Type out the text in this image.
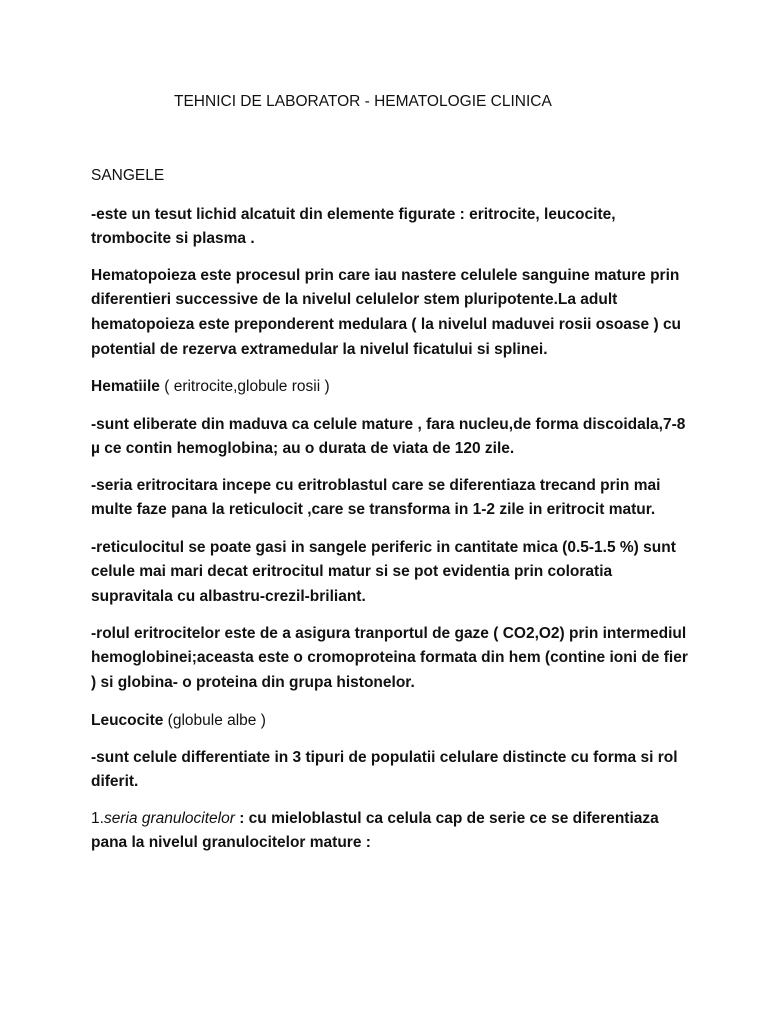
TEHNICI DE LABORATOR - HEMATOLOGIE CLINICA

SANGELE

-este un tesut lichid alcatuit din elemente figurate : eritrocite, leucocite,

trombocite si plasma .

Hematopoieza este procesul prin care iau nastere celulele sanguine mature prin

diferentieri successive de la nivelul celulelor stem pluripotente.La adult

hematopoieza este preponderent medulara ( la nivelul maduvei rosii osoase ) cu

potential de rezerva extramedular la nivelul ficatului si splinei.

Hematiile ( eritrocite,globule rosii )

-sunt eliberate din maduva ca celule mature , fara nucleu,de forma discoidala,7-8

µ ce contin hemoglobina; au o durata de viata de 120 zile.

-seria eritrocitara incepe cu eritroblastul care se diferentiaza trecand prin mai

multe faze pana la reticulocit ,care se transforma in 1-2 zile in eritrocit matur.

-reticulocitul se poate gasi in sangele periferic in cantitate mica (0.5-1.5 %) sunt

celule mai mari decat eritrocitul matur si se pot evidentia prin coloratia

supravitala cu albastru-crezil-briliant.

-rolul eritrocitelor este de a asigura tranportul de gaze ( CO2,O2) prin intermediul

hemoglobinei;aceasta este o cromoproteina formata din hem (contine ioni de fier

) si globina- o proteina din grupa histonelor.

Leucocite (globule albe )

-sunt celule differentiate in 3 tipuri de populatii celulare distincte cu forma si rol

diferit.

1.seria granulocitelor : cu mieloblastul ca celula cap de serie ce se diferentiaza

pana la nivelul granulocitelor mature :
